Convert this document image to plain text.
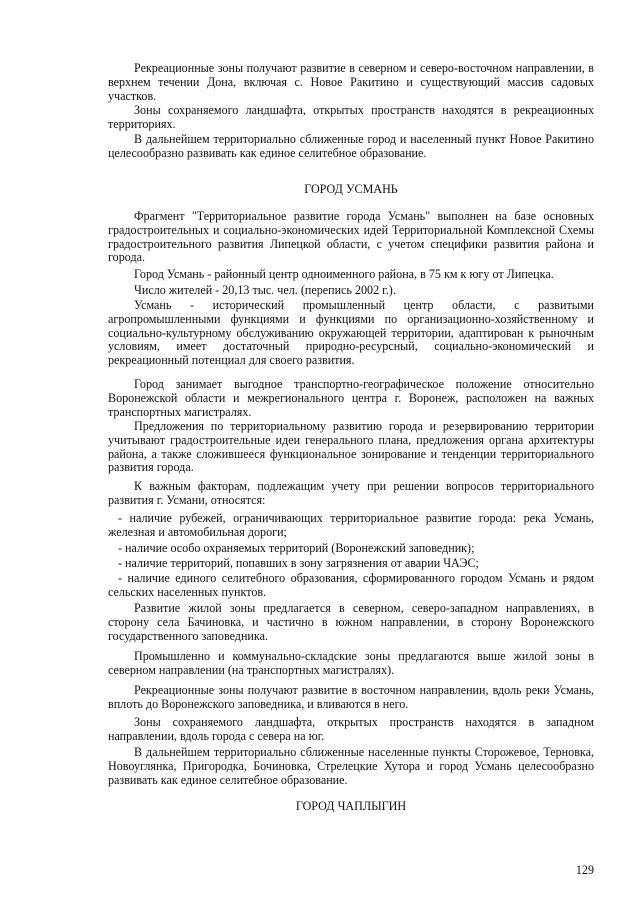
Рекреационные зоны получают развитие в северном и северо-восточном направлении, в верхнем течении Дона, включая с. Новое Ракитино и существующий массив садовых участков.

Зоны сохраняемого ландшафта, открытых пространств находятся в рекреационных территориях.

В дальнейшем территориально сближенные город и населенный пункт Новое Ракитино целесообразно развивать как единое селитебное образование.

ГОРОД УСМАНЬ

Фрагмент "Территориальное развитие города Усмань" выполнен на базе основных градостроительных и социально-экономических идей Территориальной Комплексной Схемы градостроительного развития Липецкой области, с учетом специфики развития района и города.

Город Усмань - районный центр одноименного района, в 75 км к югу от Липецка.

Число жителей - 20,13 тыс. чел. (перепись 2002 г.).

Усмань - исторический промышленный центр области, с развитыми агропромышленными функциями и функциями по организационно-хозяйственному и социально-культурному обслуживанию окружающей территории, адаптирован к рыночным условиям, имеет достаточный природно-ресурсный, социально-экономический и рекреационный потенциал для своего развития.

Город занимает выгодное транспортно-географическое положение относительно Воронежской области и межрегионального центра г. Воронеж, расположен на важных транспортных магистралях.

Предложения по территориальному развитию города и резервированию территории учитывают градостроительные идеи генерального плана, предложения органа архитектуры района, а также сложившееся функциональное зонирование и тенденции территориального развития города.

К важным факторам, подлежащим учету при решении вопросов территориального развития г. Усмани, относятся:

- наличие рубежей, ограничивающих территориальное развитие города: река Усмань, железная и автомобильная дороги;

- наличие особо охраняемых территорий (Воронежский заповедник);

- наличие территорий, попавших в зону загрязнения от аварии ЧАЭС;

- наличие единого селитебного образования, сформированного городом Усмань и рядом сельских населенных пунктов.

Развитие жилой зоны предлагается в северном, северо-западном направлениях, в сторону села Бачиновка, и частично в южном направлении, в сторону Воронежского государственного заповедника.

Промышленно и коммунально-складские зоны предлагаются выше жилой зоны в северном направлении (на транспортных магистралях).

Рекреационные зоны получают развитие в восточном направлении, вдоль реки Усмань, вплоть до Воронежского заповедника, и вливаются в него.

Зоны сохраняемого ландшафта, открытых пространств находятся в западном направлении, вдоль города с севера на юг.

В дальнейшем территориально сближенные населенные пункты Сторожевое, Терновка, Новоуглянка, Пригородка, Бочиновка, Стрелецкие Хутора и город Усмань целесообразно развивать как единое селитебное образование.

ГОРОД ЧАПЛЫГИН

129
